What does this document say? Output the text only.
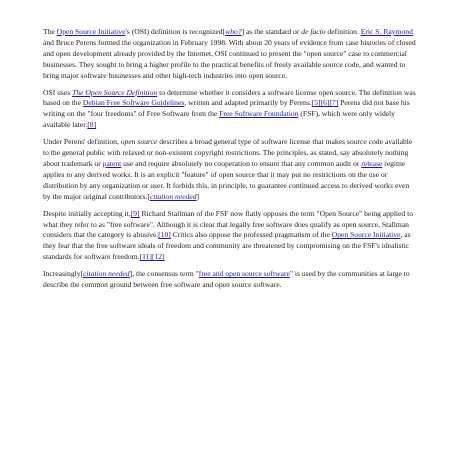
The Open Source Initiative's (OSI) definition is recognized[who?] as the standard or de facto definition. Eric S. Raymond and Bruce Perens formed the organization in February 1998. With about 20 years of evidence from case histories of closed and open development already provided by the Internet, OSI continued to present the "open source" case to commercial businesses. They sought to bring a higher profile to the practical benefits of freely available source code, and wanted to bring major software businesses and other high-tech industries into open source.

OSI uses The Open Source Definition to determine whether it considers a software license open source. The definition was based on the Debian Free Software Guidelines, written and adapted primarily by Perens.[5][6][7] Perens did not base his writing on the "four freedoms" of Free Software from the Free Software Foundation (FSF), which were only widely available later.[8]

Under Perens' definition, open source describes a broad general type of software license that makes source code available to the general public with relaxed or non-existent copyright restrictions. The principles, as stated, say absolutely nothing about trademark or patent use and require absolutely no cooperation to ensure that any common audit or release regime applies to any derived works. It is an explicit "feature" of open source that it may put no restrictions on the use or distribution by any organization or user. It forbids this, in principle, to guarantee continued access to derived works even by the major original contributors.[citation needed]

Despite initially accepting it,[9] Richard Stallman of the FSF now flatly opposes the term "Open Source" being applied to what they refer to as "free software". Although it is clear that legally free software does qualify as open source, Stallman considers that the category is abusive.[10] Critics also oppose the professed pragmatism of the Open Source Initiative, as they fear that the free software ideals of freedom and community are threatened by compromising on the FSF's idealistic standards for software freedom.[11][12]

Increasingly[citation needed], the consensus term "free and open source software" is used by the communities at large to describe the common ground between free software and open source software.
